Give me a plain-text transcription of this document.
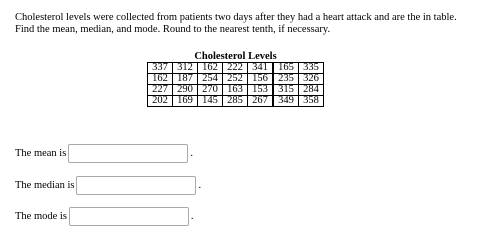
Cholesterol levels were collected from patients two days after they had a heart attack and are the in table.

Find the mean, median, and mode. Round to the nearest tenth, if necessary.

Cholesterol Levels
337	312	162	222	341	165	335
162	187	254	252	156	235	326
227	290	270	163	153	315	284
202	169	145	285	267	349	358
The mean is	.
The median is	.
The mode is	.
